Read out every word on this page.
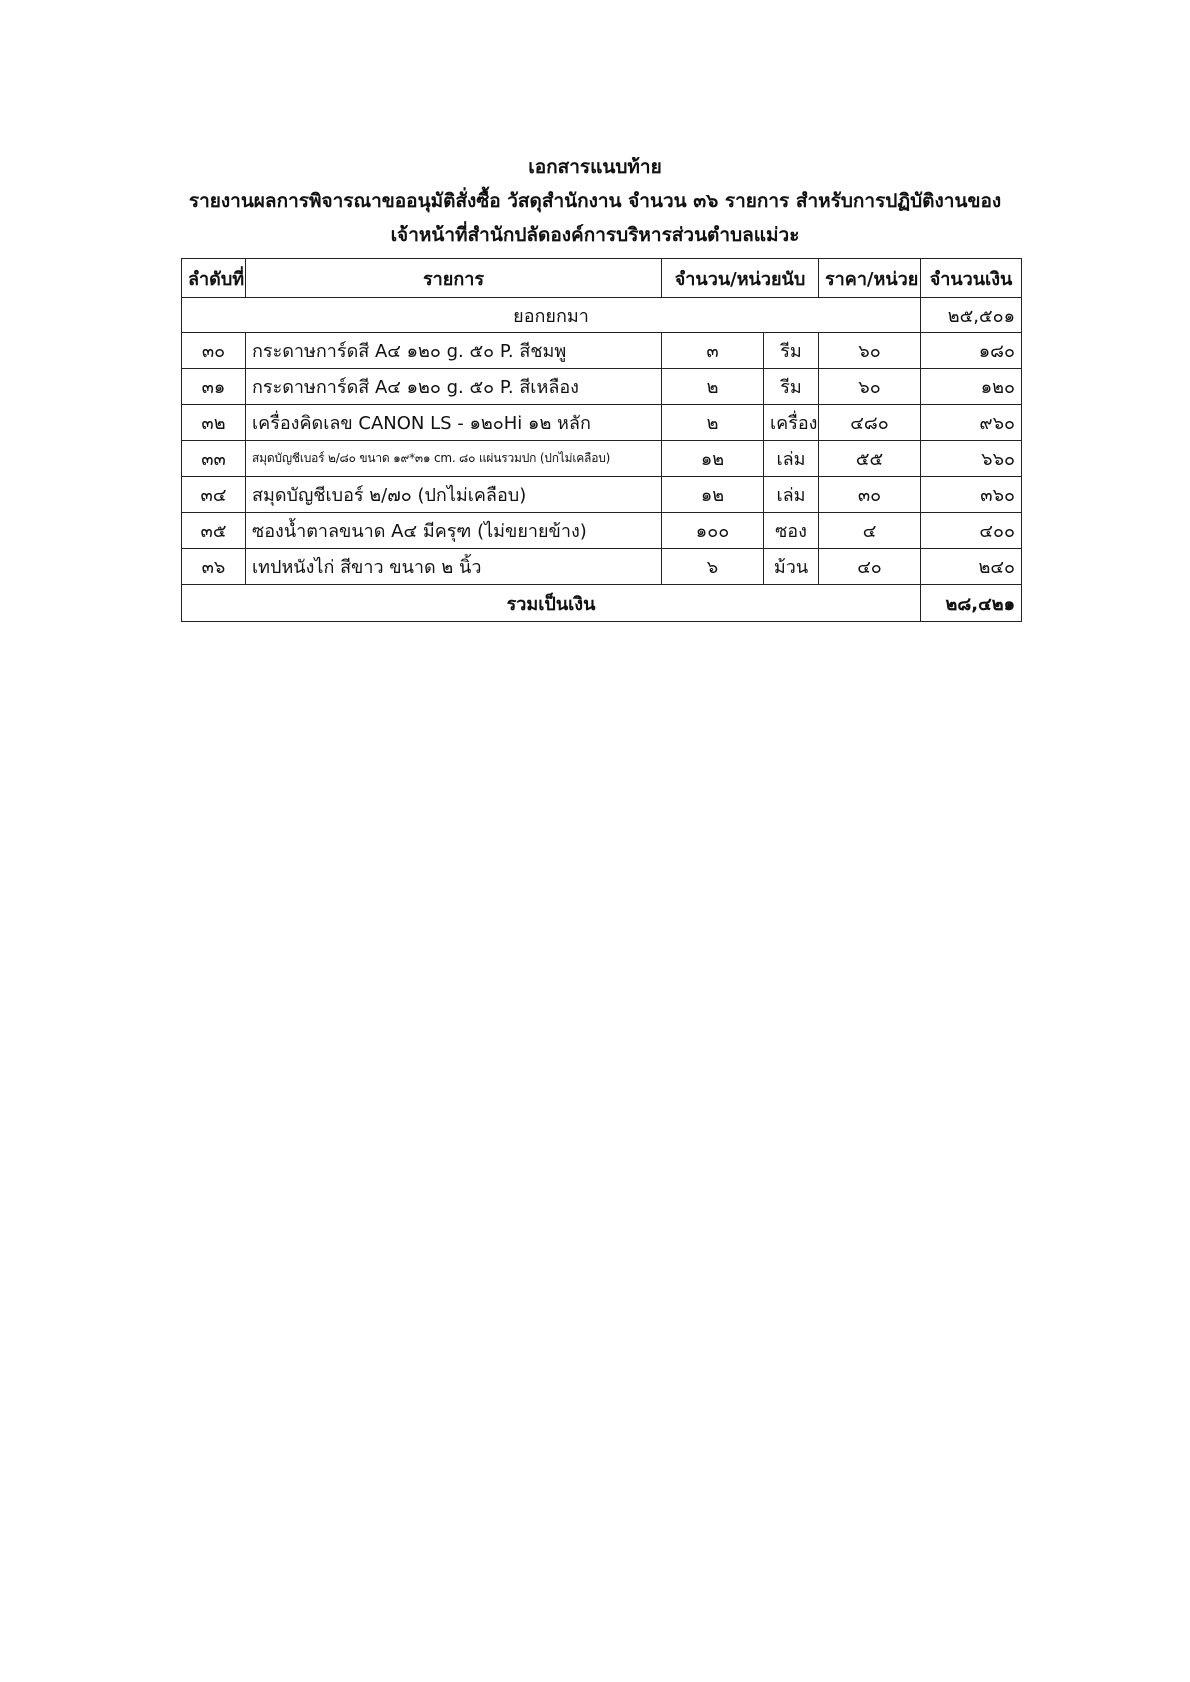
เอกสารแนบท้าย
รายงานผลการพิจารณาขออนุมัติสั่งซื้อ วัสดุสำนักงาน จำนวน ๓๖ รายการ สำหรับการปฏิบัติงานของ
เจ้าหน้าที่สำนักปลัดองค์การบริหารส่วนตำบลแม่วะ
ลำดับที่	รายการ	จำนวน/หน่วยนับ		ราคา/หน่วย	จำนวนเงิน
ยอกยกมา					๒๕,๕๐๑
๓๐	กระดาษการ์ดสี A๔ ๑๒๐ g. ๕๐ P. สีชมพู	๓	รีม	๖๐	๑๘๐
๓๑	กระดาษการ์ดสี A๔ ๑๒๐ g. ๕๐ P. สีเหลือง	๒	รีม	๖๐	๑๒๐
๓๒	เครื่องคิดเลข CANON LS - ๑๒๐Hi ๑๒ หลัก	๒	เครื่อง	๔๘๐	๙๖๐
๓๓	สมุดบัญชีเบอร์ ๒/๘๐ ขนาด ๑๙*๓๑ cm. ๘๐ แผ่นรวมปก (ปกไม่เคลือบ)	๑๒	เล่ม	๕๕	๖๖๐
๓๔	สมุดบัญชีเบอร์ ๒/๗๐ (ปกไม่เคลือบ)	๑๒	เล่ม	๓๐	๓๖๐
๓๕	ซองน้ำตาลขนาด A๔ มีครุฑ (ไม่ขยายข้าง)	๑๐๐	ซอง	๔	๔๐๐
๓๖	เทปหนังไก่ สีขาว ขนาด ๒ นิ้ว	๖	ม้วน	๔๐	๒๔๐
รวมเป็นเงิน					๒๘,๔๒๑
